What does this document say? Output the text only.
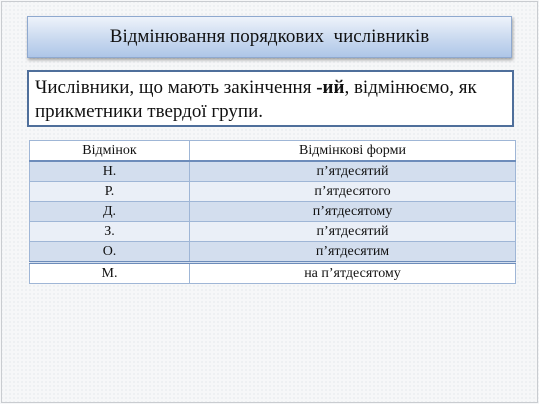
Відмінювання порядкових  числівників
Числівники, що мають закінчення -ий, відмінюємо, як прикметники твердої групи.
Відмінок	Відмінкові форми
Н.	п’ятдесятий
Р.	п’ятдесятого
Д.	п’ятдесятому
З.	п’ятдесятий
О.	п’ятдесятим
М.	на п’ятдесятому
